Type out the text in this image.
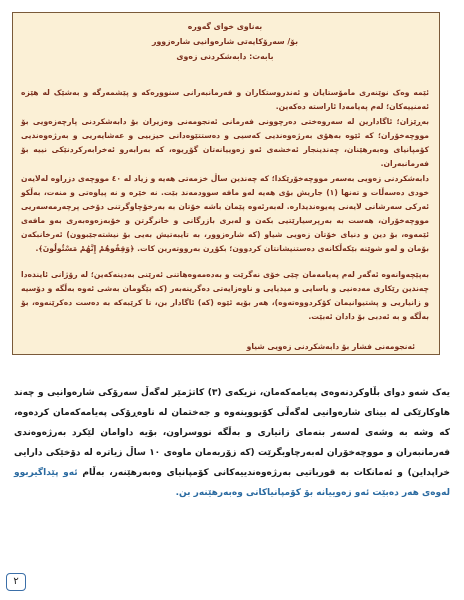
بەناوی خوای گەورە
بۆ/ سەرۆکایەتی شارەوانیی شارەزوور
بابەت: دابەشکردنی زەوی

ئێمە وەک نوێنەری مامۆستایان و ئەندروستکاران و فەرمانبەرانی سنوورەکە و پێشمەرگە و بەشێک لە هێزە ئەمنییەکان؛ لەم پەیامەدا ئاراستە دەکەین.

بەڕێزان؛ ئاگادارین لە سەروەختی دەرچوونی فەرمانی ئەنجومەنی وەزیران بۆ دابەشکردنی پارچەزەویی بۆ مووچەخۆران؛ کە ئێوە بەهۆی بەرژەوەندیی کەسیی و دەستتێوەدانی حیزبیی و عەشایەریی و بەرژەوەندیی کۆمپانیای وەبەرهێنان، چەندینجار ئەخشەی ئەو زەویيانەتان گۆڕیوە، کە بەرابەرو ئەخرابەرکردنێکی نییە بۆ فەرمانبەران.

دابەشکردنی زەویی بەسەر مووچەخۆرێکدا؛ کە چەندین ساڵ خزمەتی هەیە و زیاد لە ٤٠ مووچەی دزراوە لەلایەن خودی دەسەڵات و تەنها (١) جاریش بۆی هەیە لەو مافە سوودمەند بێت. نە خێرە و نە پیاوەتی و منەت، بەڵکو ئەرکی سەرشانی لایەنی پەیوەندیدارە. لەبەرئەوە پێمان باشە خۆتان بە بەرخۆچاوگرتنی دۆخی پرچەرمەسەریی مووچەخۆران، هەست بە بەرپرسیارێتیی بکەن و لەبری بازرگانی و خانرگرتن و خۆبەزەوەبەری بەو مافەی ئێمەوە، بۆ دین و دنیای خۆتان زەویی شیاو (کە شارەزوور، بە تایبەتیش بەیی بۆ نیشتەجێبوون) ئەرخانبکەن بۆمان و لەو شوێنە بێکەڵکانەی دەستنیشانتان کردوون؛ بکۆڕن بەرووتەرین کات. ﴿وَقِفُوهُمْ إِنَّهُمْ مَسْئُولُونَ﴾.

بەپێچەوانەوە ئەگەر لەم پەیامەمان چێی خۆی نەگرێت و بەدەمەوەهاتنی ئەرێنی بەدینەکەین؛ لە رۆژانی ئایندەدا چەندین رێکاری مەدەنیی و یاسایی و میدیایی و ناوەزایەتی دەگرینەبەر (کە بێگومان بەشی ئەوە بەڵگە و دۆسیە و زانیاریی و پشتیوانیمان کۆکردووەتەوە)، هەر بۆیە ئێوە (کە) ئاگادار بن، تا کرێبەکە بە دەست دەکرێنەوە، بۆ بەڵگە و بە ئەدبی بۆ دادان ئەبێت.

ئەنجومەنی فشار بۆ دابەشکردنی زەویی شیاو
یەک شەو دوای بڵاوکردنەوەی پەیامەکەمان، نزیکەی (٣) کاتژمێر لەگەڵ سەرۆکی شارەوانیی و چەند هاوکارێکی لە بینای شارەوانیی لەگەڵی کۆبووینەوە و جەختمان لە ناوەڕۆکی پەیامەکەمان کردەوە، کە وشە بە وشەی لەسەر بنەمای زانیاری و بەڵگە نووسراون، بۆیە داوامان لێکرد بەرژەوەندی فەرمانبەران و مووچەخۆران لەبەرچاوبگرێت (کە زۆربەمان ماوەی ١٠ ساڵ زیاترە لە دۆخێکی دارایی خراپداین) و ئەمانکات بە قورباتیی بەرژەوەندییەکانی کۆمپانیای وەبەرهێنەر، بەڵام ئەو پێداگیربوو لەوەی هەر دەبێت ئەو زەوییانە بۆ کۆمپانیاکانی وەبەرهێنەر بن.
٢
